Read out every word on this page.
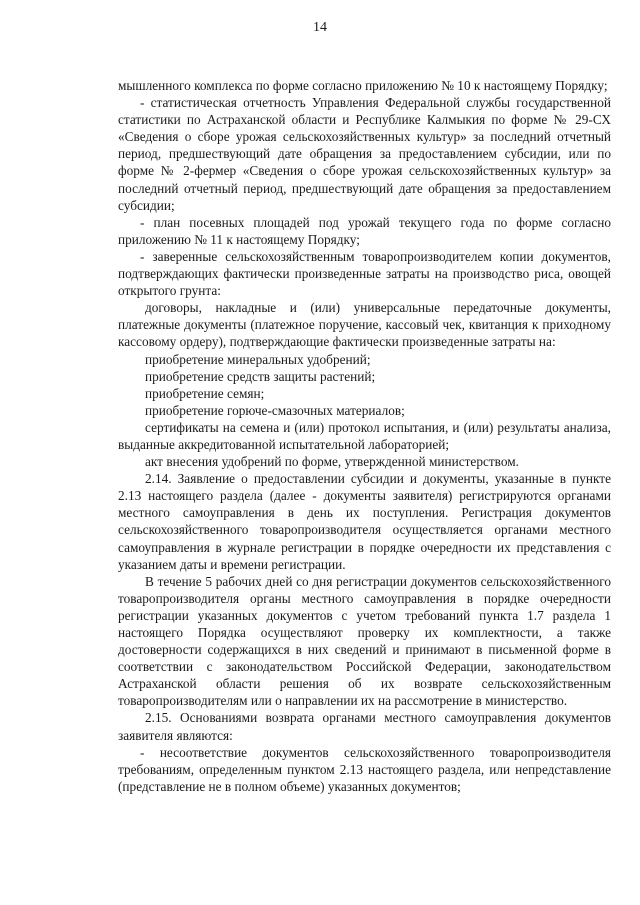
14

мышленного комплекса по форме согласно приложению № 10 к настоящему Порядку;

- статистическая отчетность Управления Федеральной службы государственной статистики по Астраханской области и Республике Калмыкия по форме № 29-СХ «Сведения о сборе урожая сельскохозяйственных культур» за последний отчетный период, предшествующий дате обращения за предоставлением субсидии, или по форме № 2-фермер «Сведения о сборе урожая сельскохозяйственных культур» за последний отчетный период, предшествующий дате обращения за предоставлением субсидии;

- план посевных площадей под урожай текущего года по форме согласно приложению № 11 к настоящему Порядку;

- заверенные сельскохозяйственным товаропроизводителем копии документов, подтверждающих фактически произведенные затраты на производство риса, овощей открытого грунта:

договоры, накладные и (или) универсальные передаточные документы, платежные документы (платежное поручение, кассовый чек, квитанция к приходному кассовому ордеру), подтверждающие фактически произведенные затраты на:

приобретение минеральных удобрений;

приобретение средств защиты растений;

приобретение семян;

приобретение горюче-смазочных материалов;

сертификаты на семена и (или) протокол испытания, и (или) результаты анализа, выданные аккредитованной испытательной лабораторией;

акт внесения удобрений по форме, утвержденной министерством.

2.14. Заявление о предоставлении субсидии и документы, указанные в пункте 2.13 настоящего раздела (далее - документы заявителя) регистрируются органами местного самоуправления в день их поступления. Регистрация документов сельскохозяйственного товаропроизводителя осуществляется органами местного самоуправления в журнале регистрации в порядке очередности их представления с указанием даты и времени регистрации.

В течение 5 рабочих дней со дня регистрации документов сельскохозяйственного товаропроизводителя органы местного самоуправления в порядке очередности регистрации указанных документов с учетом требований пункта 1.7 раздела 1 настоящего Порядка осуществляют проверку их комплектности, а также достоверности содержащихся в них сведений и принимают в письменной форме в соответствии с законодательством Российской Федерации, законодательством Астраханской области решения об их возврате сельскохозяйственным товаропроизводителям или о направлении их на рассмотрение в министерство.

2.15. Основаниями возврата органами местного самоуправления документов заявителя являются:

- несоответствие документов сельскохозяйственного товаропроизводителя требованиям, определенным пунктом 2.13 настоящего раздела, или непредставление (представление не в полном объеме) указанных документов;
